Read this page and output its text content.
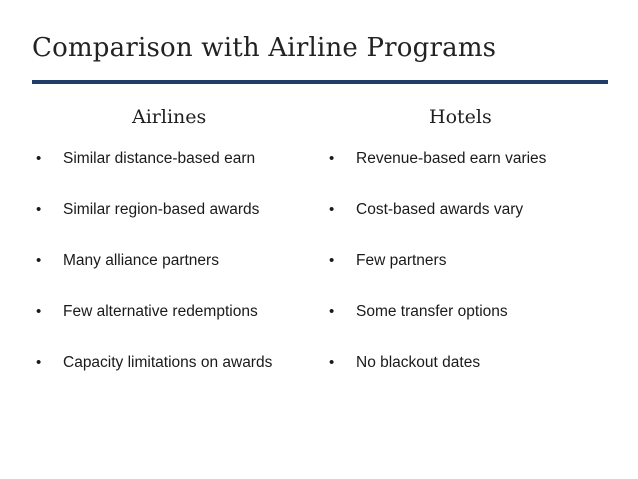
Comparison with Airline Programs
Airlines
• Similar distance-based earn
• Similar region-based awards
• Many alliance partners
• Few alternative redemptions
• Capacity limitations on awards
Hotels
• Revenue-based earn varies
• Cost-based awards vary
• Few partners
• Some transfer options
• No blackout dates
